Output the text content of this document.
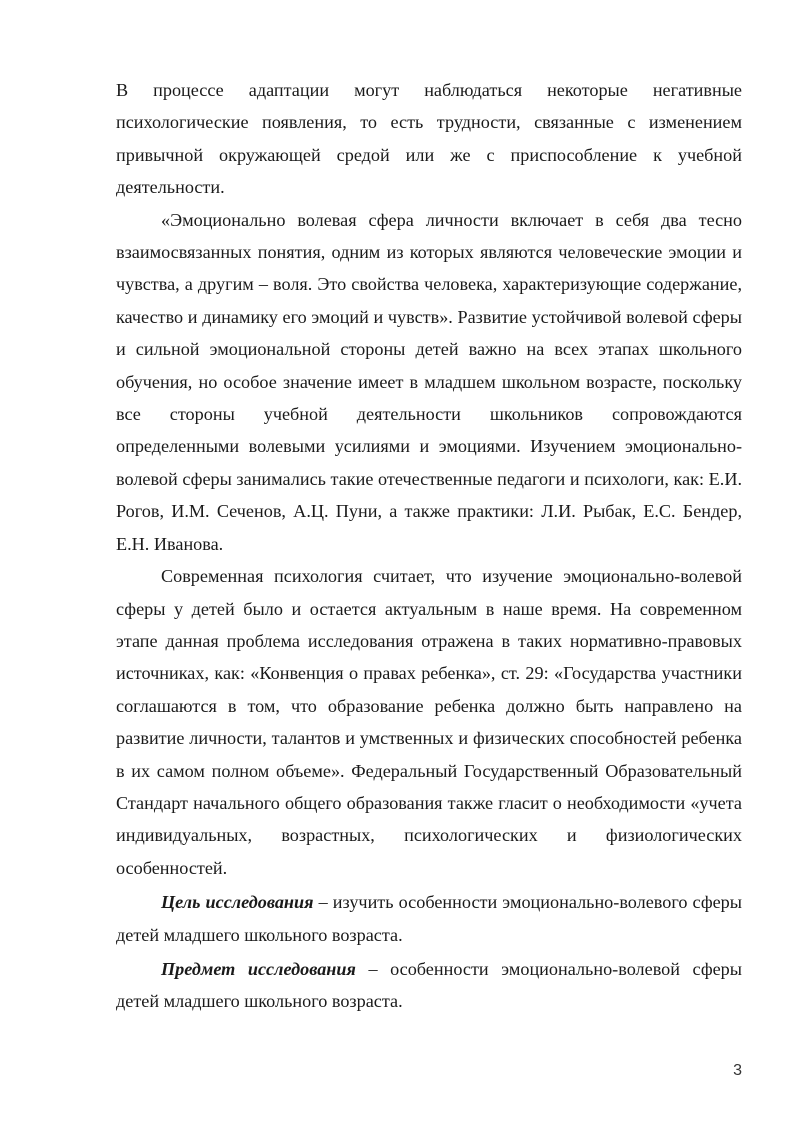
В процессе адаптации могут наблюдаться некоторые негативные психологические появления, то есть трудности, связанные с изменением привычной окружающей средой или же с приспособление к учебной деятельности.

«Эмоционально волевая сфера личности включает в себя два тесно взаимосвязанных понятия, одним из которых являются человеческие эмоции и чувства, а другим – воля. Это свойства человека, характеризующие содержание, качество и динамику его эмоций и чувств». Развитие устойчивой волевой сферы и сильной эмоциональной стороны детей важно на всех этапах школьного обучения, но особое значение имеет в младшем школьном возрасте, поскольку все стороны учебной деятельности школьников сопровождаются определенными волевыми усилиями и эмоциями. Изучением эмоционально-волевой сферы занимались такие отечественные педагоги и психологи, как: Е.И. Рогов, И.М. Сеченов, А.Ц. Пуни, а также практики: Л.И. Рыбак, Е.С. Бендер, Е.Н. Иванова.

Современная психология считает, что изучение эмоционально-волевой сферы у детей было и остается актуальным в наше время. На современном этапе данная проблема исследования отражена в таких нормативно-правовых источниках, как: «Конвенция о правах ребенка», ст. 29: «Государства участники соглашаются в том, что образование ребенка должно быть направлено на развитие личности, талантов и умственных и физических способностей ребенка в их самом полном объеме». Федеральный Государственный Образовательный Стандарт начального общего образования также гласит о необходимости «учета индивидуальных, возрастных, психологических и физиологических особенностей.

Цель исследования – изучить особенности эмоционально-волевого сферы детей младшего школьного возраста.

Предмет исследования – особенности эмоционально-волевой сферы детей младшего школьного возраста.

3
